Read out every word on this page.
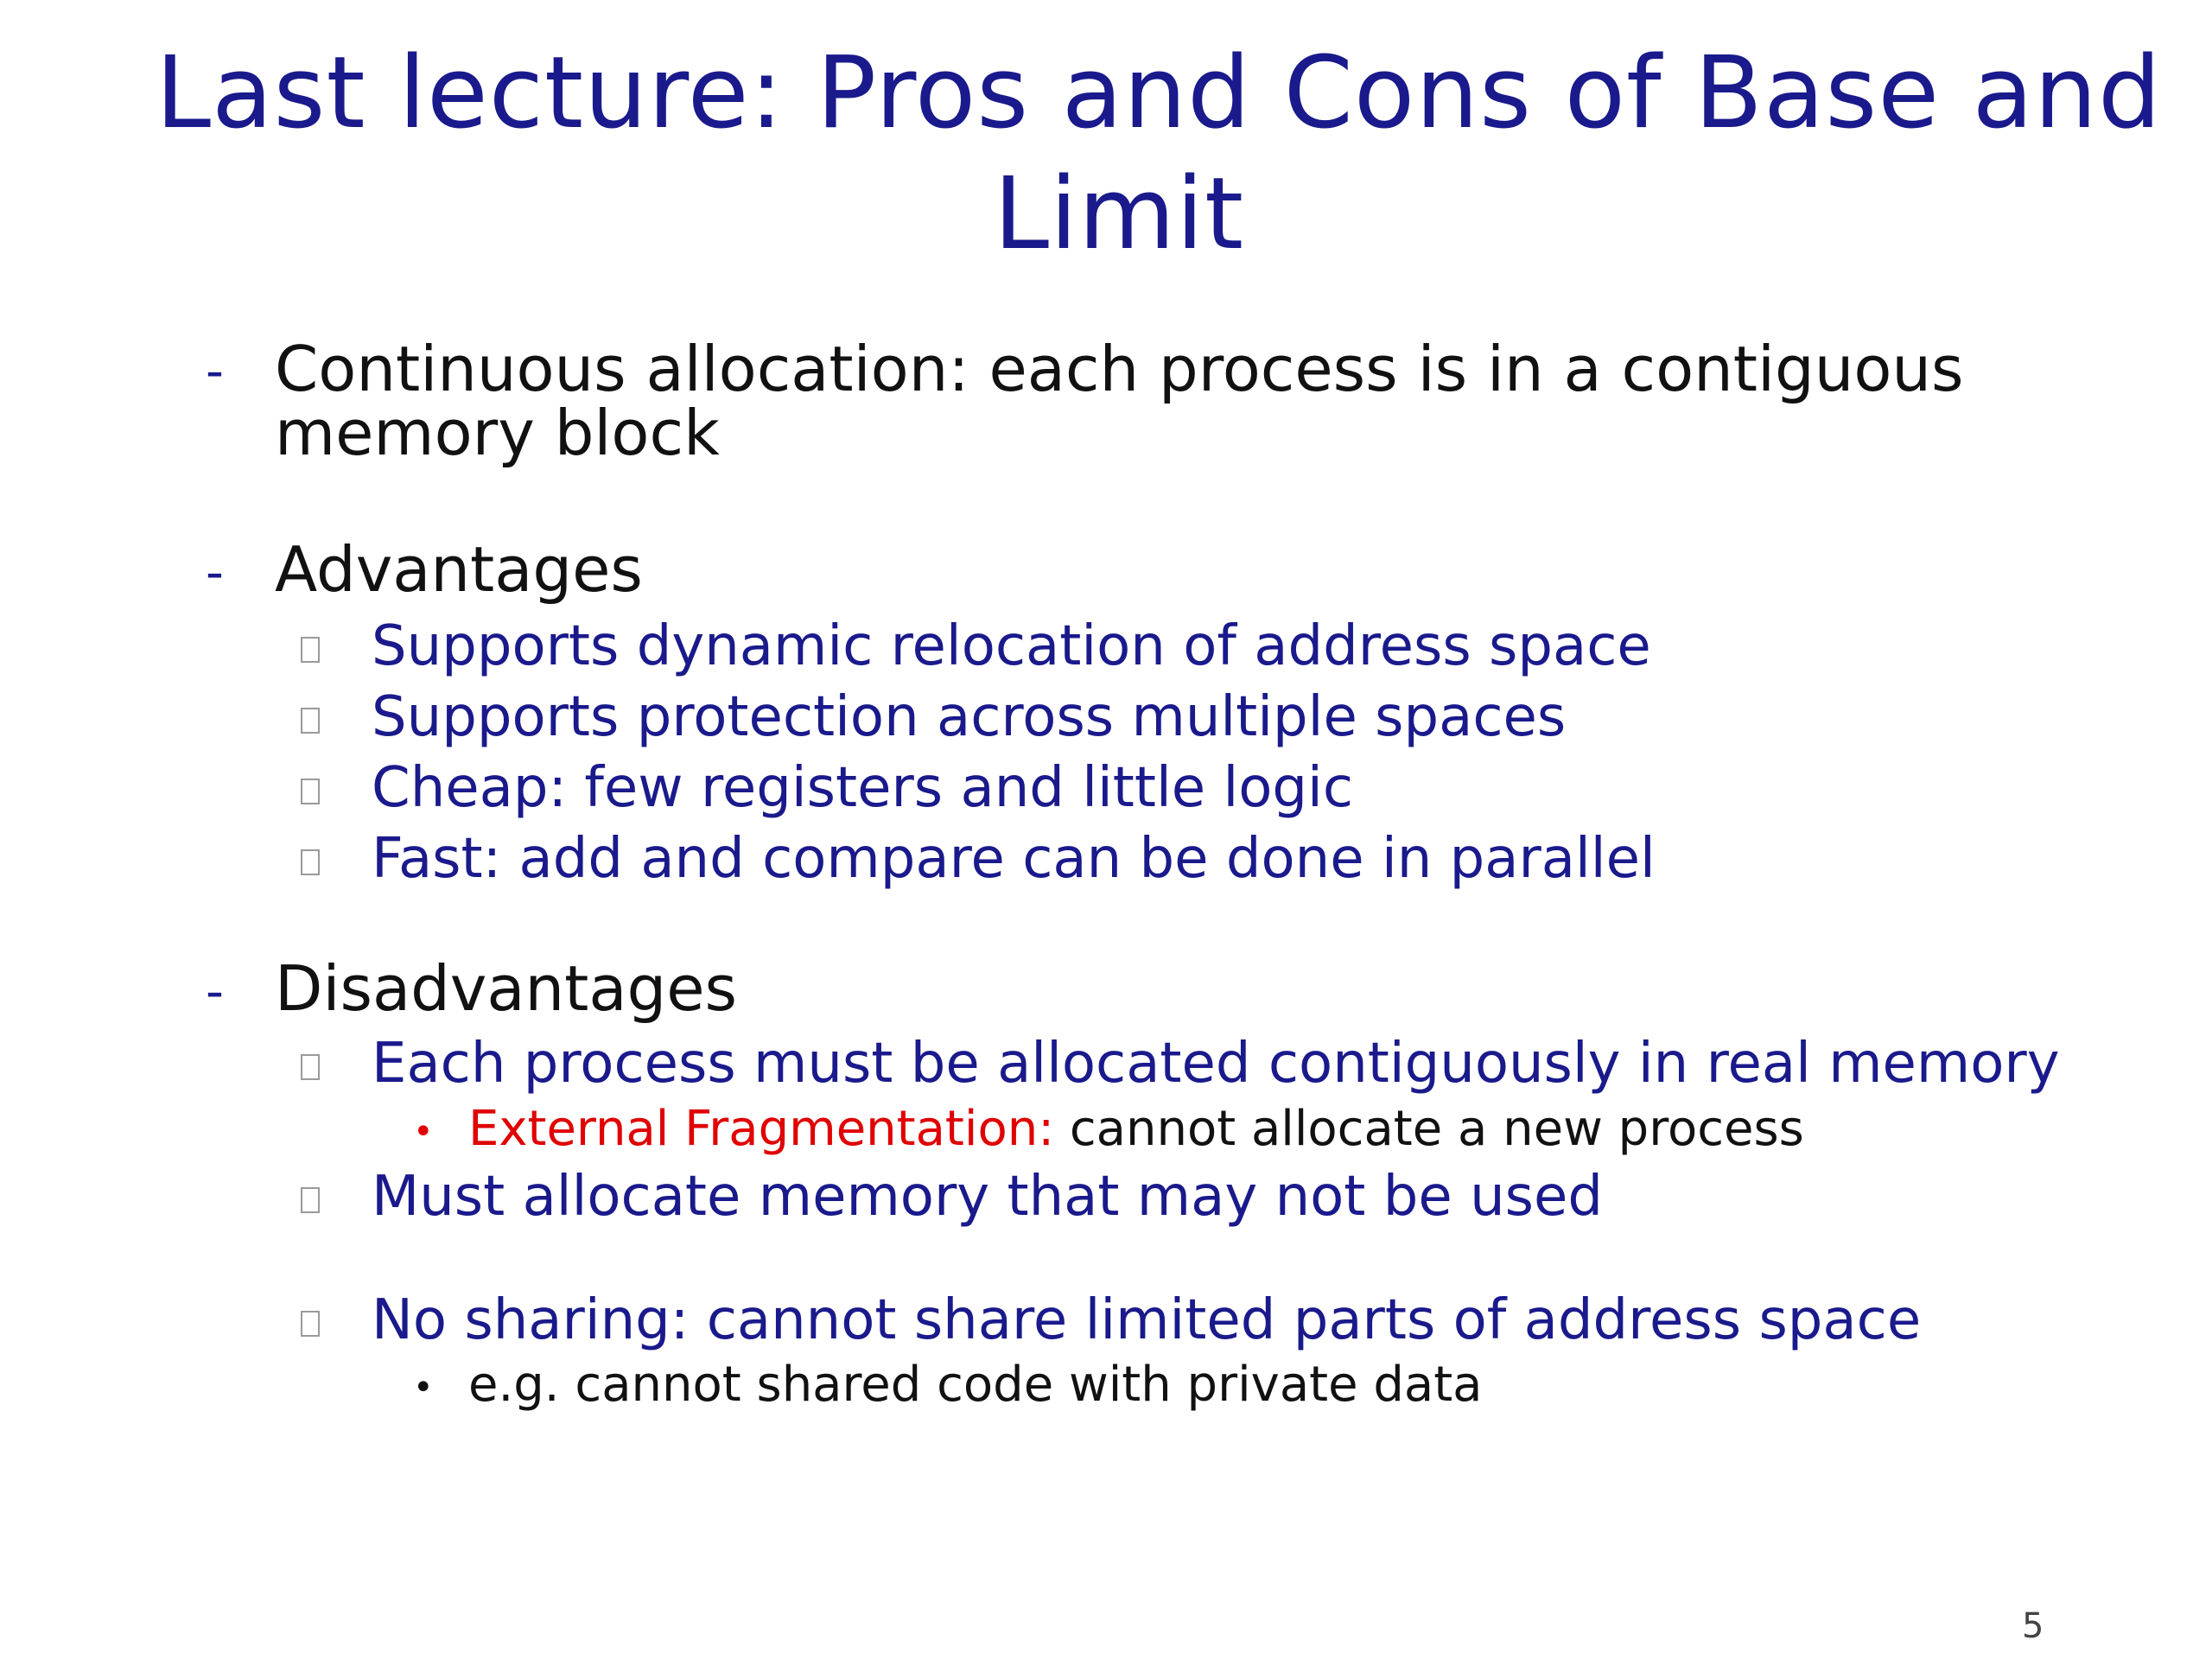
Last lecture: Pros and Cons of Base and
Limit
- Continuous allocation: each process is in a contiguous
memory block
- Advantages
Supports dynamic relocation of address space
Supports protection across multiple spaces
Cheap: few registers and little logic
Fast: add and compare can be done in parallel
- Disadvantages
Each process must be allocated contiguously in real memory
• External Fragmentation: cannot allocate a new process
Must allocate memory that may not be used
No sharing: cannot share limited parts of address space
• e.g. cannot shared code with private data
5
